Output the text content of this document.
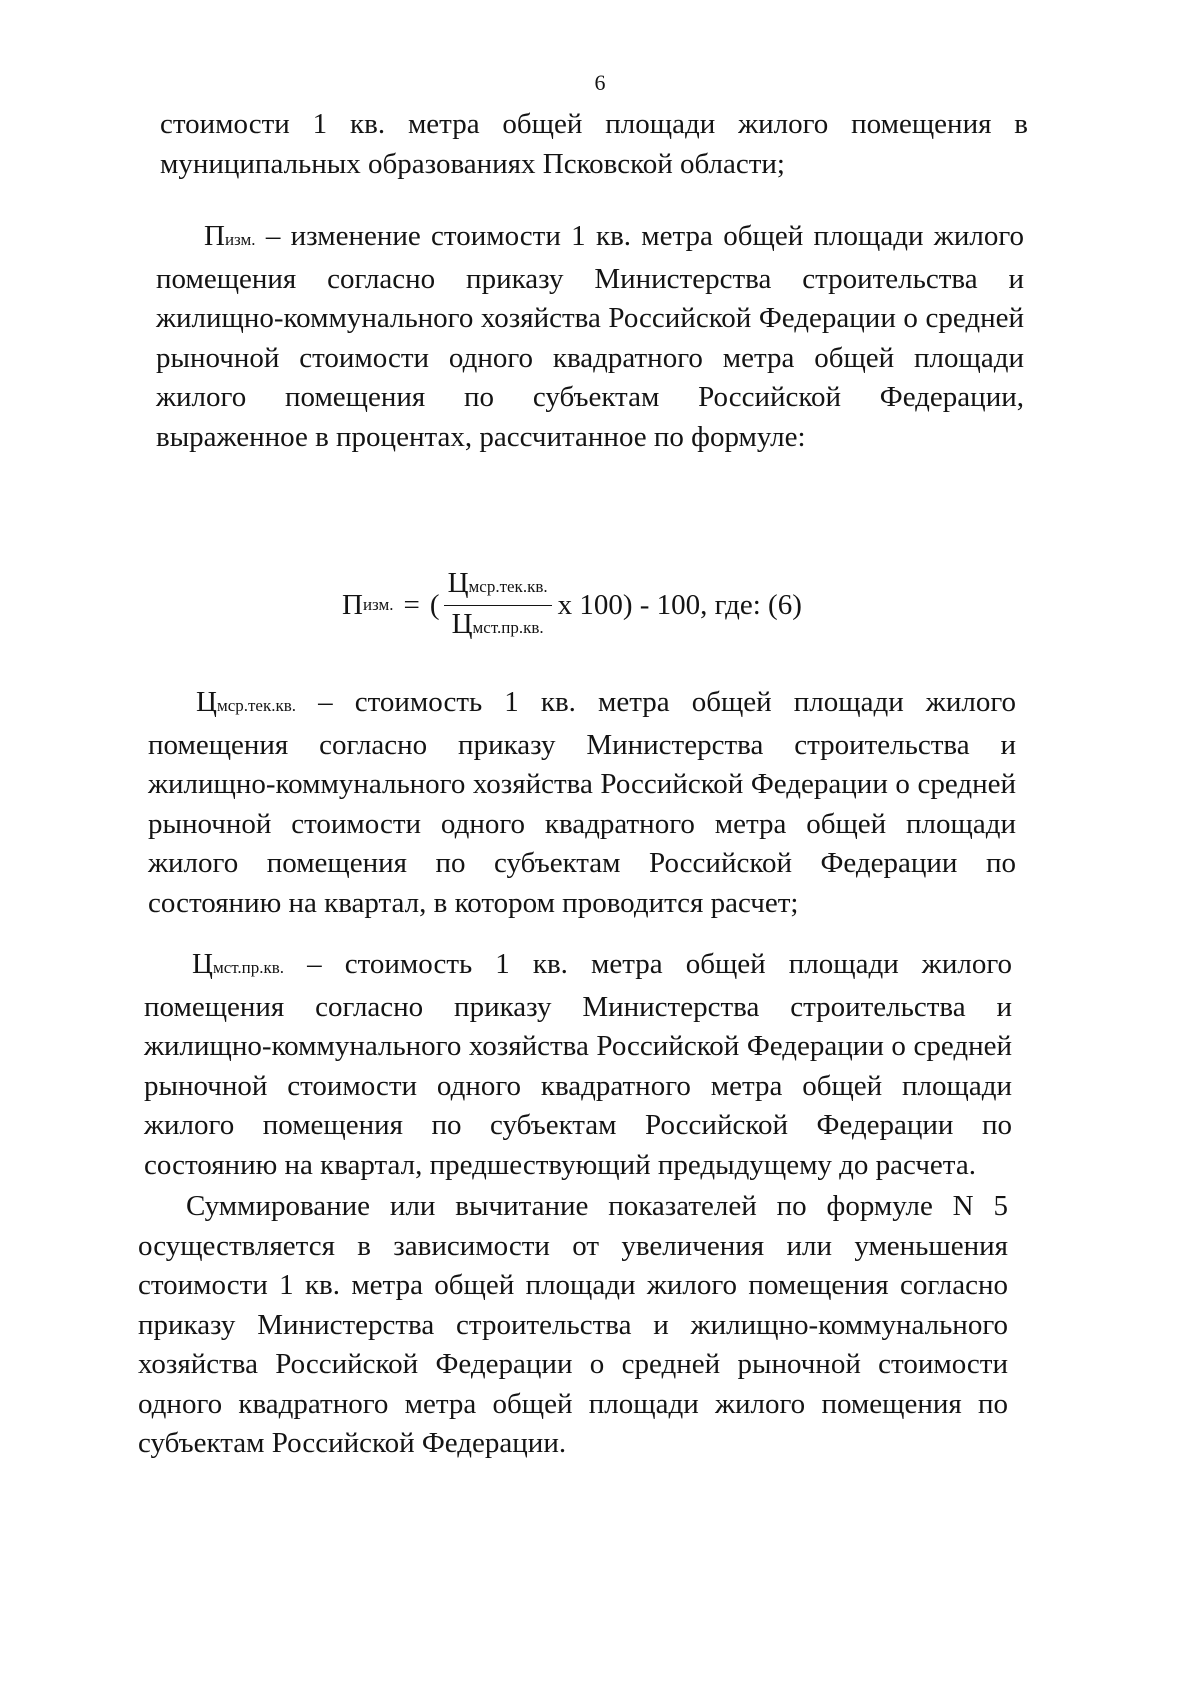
6

стоимости 1 кв. метра общей площади жилого помещения в муниципальных образованиях Псковской области;

Пизм. – изменение стоимости 1 кв. метра общей площади жилого помещения согласно приказу Министерства строительства и жилищно-коммунального хозяйства Российской Федерации о средней рыночной стоимости одного квадратного метра общей площади жилого помещения по субъектам Российской Федерации, выраженное в процентах, рассчитанное по формуле:

П изм. = ( $\frac{\text{Цмср.тек.кв.}}{\text{Цмст.пр.кв.}}$ х 100) - 100, где: (6)

Цмср.тек.кв. – стоимость 1 кв. метра общей площади жилого помещения согласно приказу Министерства строительства и жилищно-коммунального хозяйства Российской Федерации о средней рыночной стоимости одного квадратного метра общей площади жилого помещения по субъектам Российской Федерации по состоянию на квартал, в котором проводится расчет;

Цмст.пр.кв. – стоимость 1 кв. метра общей площади жилого помещения согласно приказу Министерства строительства и жилищно-коммунального хозяйства Российской Федерации о средней рыночной стоимости одного квадратного метра общей площади жилого помещения по субъектам Российской Федерации по состоянию на квартал, предшествующий предыдущему до расчета.

Суммирование или вычитание показателей по формуле N 5 осуществляется в зависимости от увеличения или уменьшения стоимости 1 кв. метра общей площади жилого помещения согласно приказу Министерства строительства и жилищно-коммунального хозяйства Российской Федерации о средней рыночной стоимости одного квадратного метра общей площади жилого помещения по субъектам Российской Федерации.
